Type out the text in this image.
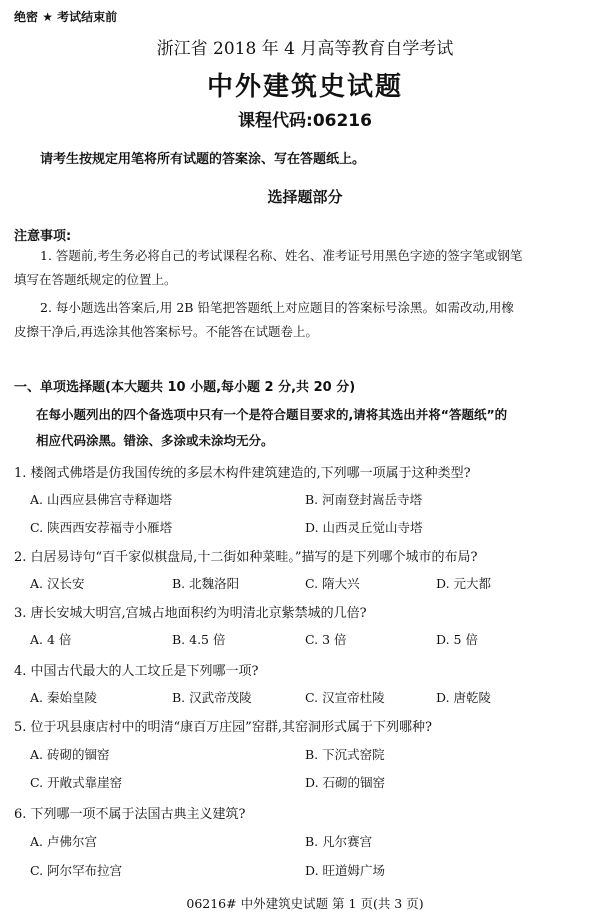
绝密 ★ 考试结束前
浙江省 2018 年 4 月高等教育自学考试
中外建筑史试题
课程代码:06216
请考生按规定用笔将所有试题的答案涂、写在答题纸上。
选择题部分
注意事项:
1. 答题前,考生务必将自己的考试课程名称、姓名、准考证号用黑色字迹的签字笔或钢笔
填写在答题纸规定的位置上。
2. 每小题选出答案后,用 2B 铅笔把答题纸上对应题目的答案标号涂黑。如需改动,用橡
皮擦干净后,再选涂其他答案标号。不能答在试题卷上。
一、单项选择题(本大题共 10 小题,每小题 2 分,共 20 分)
在每小题列出的四个备选项中只有一个是符合题目要求的,请将其选出并将“答题纸”的
相应代码涂黑。错涂、多涂或未涂均无分。
1. 楼阁式佛塔是仿我国传统的多层木构件建筑建造的,下列哪一项属于这种类型?
A. 山西应县佛宫寺释迦塔	B. 河南登封嵩岳寺塔
C. 陕西西安荐福寺小雁塔	D. 山西灵丘觉山寺塔
2. 白居易诗句“百千家似棋盘局,十二街如种菜畦。”描写的是下列哪个城市的布局?
A. 汉长安	B. 北魏洛阳	C. 隋大兴	D. 元大都
3. 唐长安城大明宫,宫城占地面积约为明清北京紫禁城的几倍?
A. 4 倍	B. 4.5 倍	C. 3 倍	D. 5 倍
4. 中国古代最大的人工坟丘是下列哪一项?
A. 秦始皇陵	B. 汉武帝茂陵	C. 汉宣帝杜陵	D. 唐乾陵
5. 位于巩县康店村中的明清“康百万庄园”窑群,其窑洞形式属于下列哪种?
A. 砖砌的锢窑	B. 下沉式窑院
C. 开敞式靠崖窑	D. 石砌的锢窑
6. 下列哪一项不属于法国古典主义建筑?
A. 卢佛尔宫	B. 凡尔赛宫
C. 阿尔罕布拉宫	D. 旺道姆广场
06216# 中外建筑史试题 第 1 页(共 3 页)
